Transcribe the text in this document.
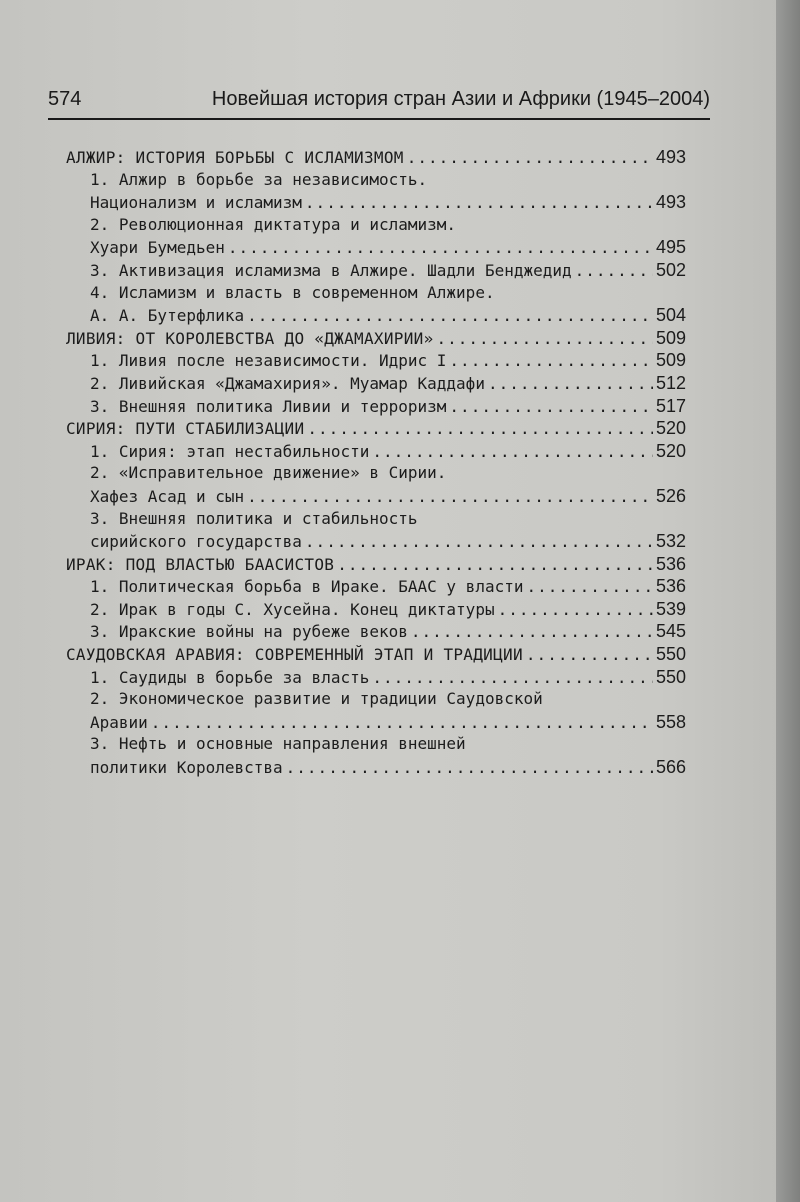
574	Новейшая история стран Азии и Африки (1945–2004)
АЛЖИР: ИСТОРИЯ БОРЬБЫ С ИСЛАМИЗМОМ .....	493
1. Алжир в борьбе за независимость.
Национализм и исламизм .....	493
2. Революционная диктатура и исламизм.
Хуари Бумедьен .....	495
3. Активизация исламизма в Алжире. Шадли Бенджедид .....	502
4. Исламизм и власть в современном Алжире.
А. А. Бутерфлика .....	504
ЛИВИЯ: ОТ КОРОЛЕВСТВА ДО «ДЖАМАХИРИИ» .....	509
1. Ливия после независимости. Идрис I .....	509
2. Ливийская «Джамахирия». Муамар Каддафи .....	512
3. Внешняя политика Ливии и терроризм .....	517
СИРИЯ: ПУТИ СТАБИЛИЗАЦИИ .....	520
1. Сирия: этап нестабильности .....	520
2. «Исправительное движение» в Сирии.
Хафез Асад и сын .....	526
3. Внешняя политика и стабильность
сирийского государства .....	532
ИРАК: ПОД ВЛАСТЬЮ БААСИСТОВ .....	536
1. Политическая борьба в Ираке. БААС у власти .....	536
2. Ирак в годы С. Хусейна. Конец диктатуры .....	539
3. Иракские войны на рубеже веков .....	545
САУДОВСКАЯ АРАВИЯ: СОВРЕМЕННЫЙ ЭТАП И ТРАДИЦИИ .....	550
1. Саудиды в борьбе за власть .....	550
2. Экономическое развитие и традиции Саудовской
Аравии .....	558
3. Нефть и основные направления внешней
политики Королевства .....	566
